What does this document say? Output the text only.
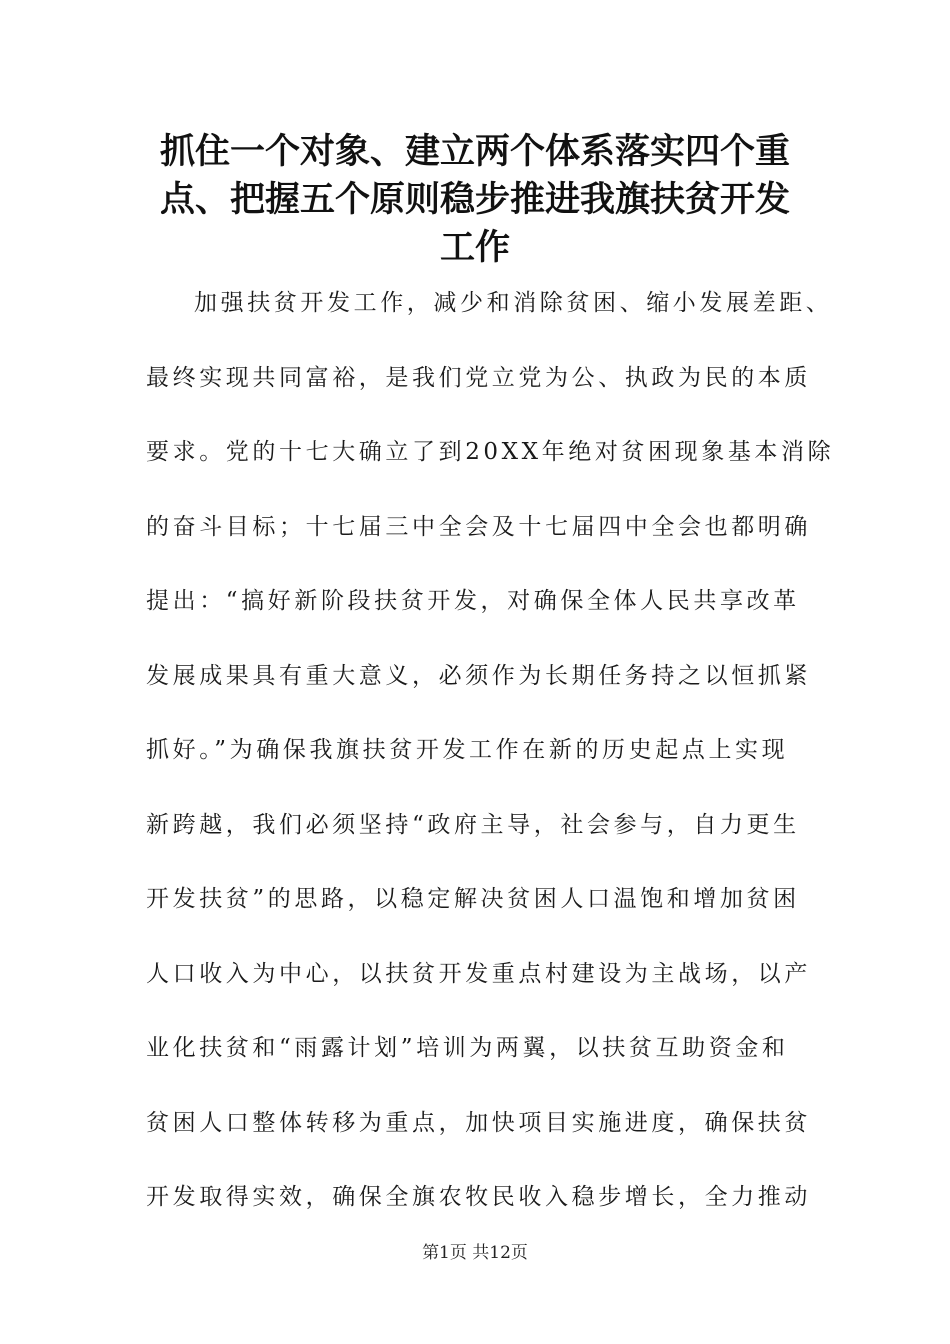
抓住一个对象、建立两个体系落实四个重
点、把握五个原则稳步推进我旗扶贫开发
工作
加强扶贫开发工作，减少和消除贫困、缩小发展差距、
最终实现共同富裕，是我们党立党为公、执政为民的本质
要求。党的十七大确立了到20XX年绝对贫困现象基本消除
的奋斗目标；十七届三中全会及十七届四中全会也都明确
提出：“搞好新阶段扶贫开发，对确保全体人民共享改革
发展成果具有重大意义，必须作为长期任务持之以恒抓紧
抓好。”为确保我旗扶贫开发工作在新的历史起点上实现
新跨越，我们必须坚持“政府主导，社会参与，自力更生
开发扶贫”的思路，以稳定解决贫困人口温饱和增加贫困
人口收入为中心，以扶贫开发重点村建设为主战场，以产
业化扶贫和“雨露计划”培训为两翼，以扶贫互助资金和
贫困人口整体转移为重点，加快项目实施进度，确保扶贫
开发取得实效，确保全旗农牧民收入稳步增长，全力推动
第1页 共12页
